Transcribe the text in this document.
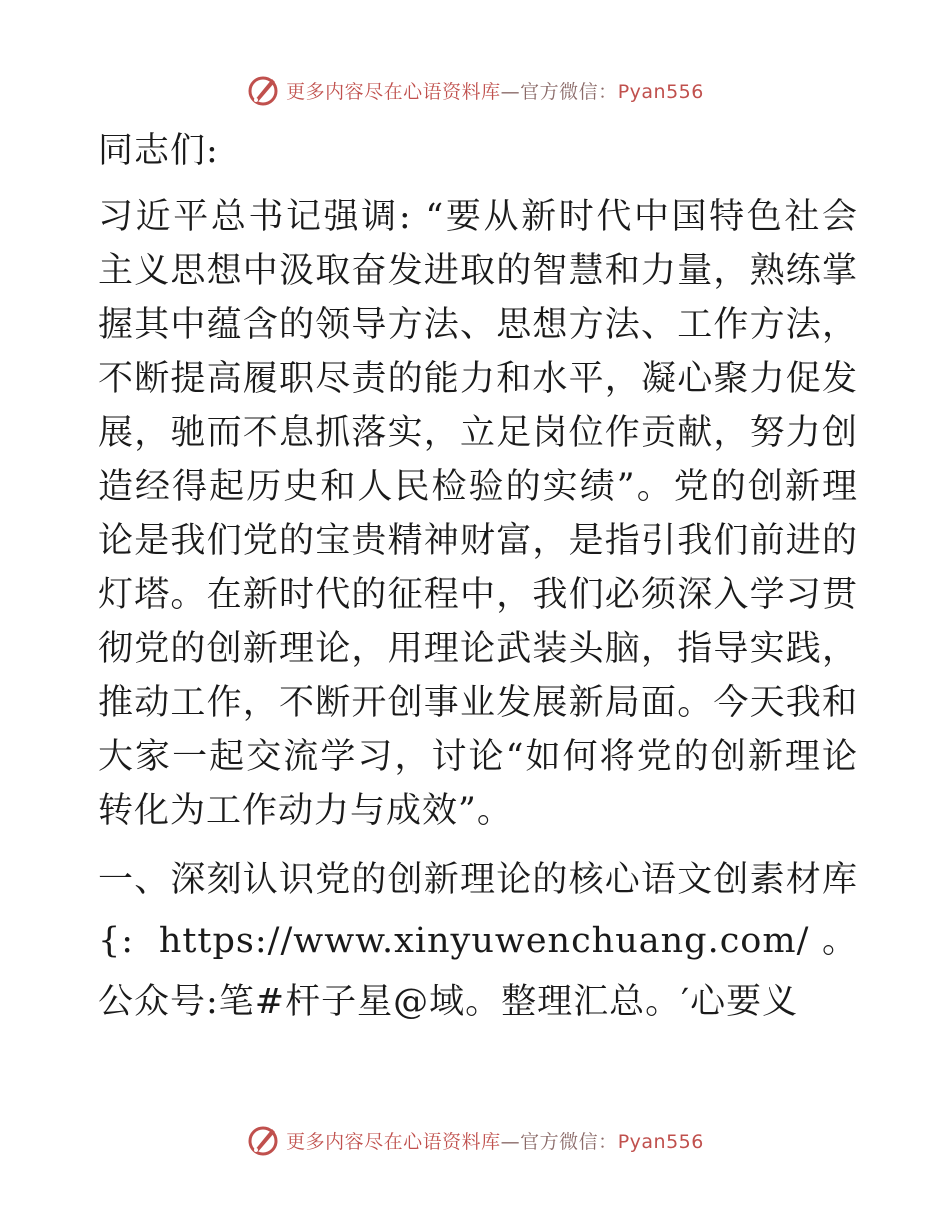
更多内容尽在心语资料库—官方微信：Pyan556

同志们:

习近平总书记强调: “要从新时代中国特色社会主义思想中汲取奋发进取的智慧和力量，熟练掌握其中蕴含的领导方法、思想方法、工作方法，不断提高履职尽责的能力和水平，凝心聚力促发展，驰而不息抓落实，立足岗位作贡献，努力创造经得起历史和人民检验的实绩”。党的创新理论是我们党的宝贵精神财富，是指引我们前进的灯塔。在新时代的征程中，我们必须深入学习贯彻党的创新理论，用理论武装头脑，指导实践，推动工作，不断开创事业发展新局面。今天我和大家一起交流学习，讨论“如何将党的创新理论转化为工作动力与成效”。

一、深刻认识党的创新理论的核心语文创素材库{: https://www.xinyuwenchuang.com/。公众号:笔#杆子星@域。整理汇总。′心要义

更多内容尽在心语资料库—官方微信：Pyan556
